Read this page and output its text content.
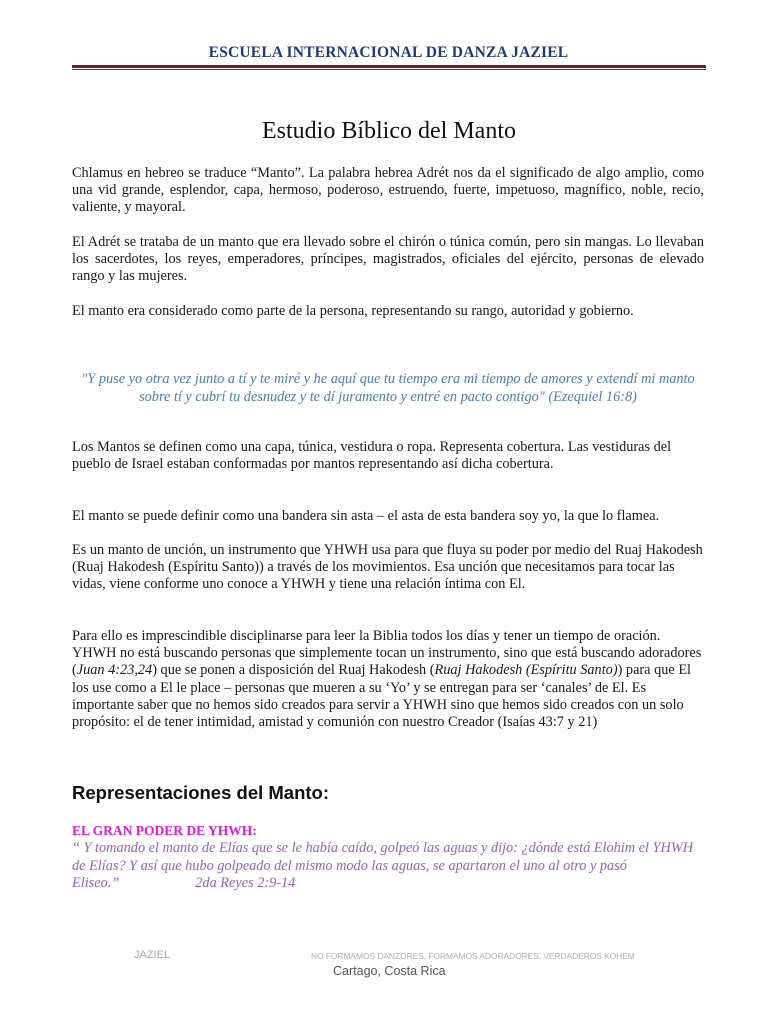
ESCUELA INTERNACIONAL DE DANZA JAZIEL
Estudio Bíblico del Manto

Chlamus en hebreo se traduce “Manto”. La palabra hebrea Adrét nos da el significado de algo amplio, como una vid grande, esplendor, capa, hermoso, poderoso, estruendo, fuerte, impetuoso, magnífico, noble, recio, valiente, y mayoral.

El Adrét se trataba de un manto que era llevado sobre el chirón o túnica común, pero sin mangas. Lo llevaban los sacerdotes, los reyes, emperadores, príncipes, magistrados, oficiales del ejército, personas de elevado rango y las mujeres.

El manto era considerado como parte de la persona, representando su rango, autoridad y gobierno.

"Y puse yo otra vez junto a tí y te miré y he aquí que tu tiempo era mi tiempo de amores y extendí mi manto sobre tí y cubrí tu desnudez y te dí juramento y entré en pacto contigo" (Ezequiel 16:8)

Los Mantos se definen como una capa, túnica, vestidura o ropa. Representa cobertura. Las vestiduras del pueblo de Israel estaban conformadas por mantos representando así dicha cobertura.

El manto se puede definir como una bandera sin asta – el asta de esta bandera soy yo, la que lo flamea.

Es un manto de unción, un instrumento que YHWH usa para que fluya su poder por medio del Ruaj Hakodesh (Ruaj Hakodesh (Espíritu Santo)) a través de los movimientos. Esa unción que necesitamos para tocar las vidas, viene conforme uno conoce a YHWH y tiene una relación íntima con El.

Para ello es imprescindible disciplinarse para leer la Biblia todos los días y tener un tiempo de oración. YHWH no está buscando personas que simplemente tocan un instrumento, sino que está buscando adoradores (Juan 4:23,24) que se ponen a disposición del Ruaj Hakodesh (Ruaj Hakodesh (Espíritu Santo)) para que El los use como a El le place – personas que mueren a su ‘Yo’ y se entregan para ser ‘canales’ de El. Es importante saber que no hemos sido creados para servir a YHWH sino que hemos sido creados con un solo propósito: el de tener intimidad, amistad y comunión con nuestro Creador (Isaías 43:7 y 21)

Representaciones del Manto:
EL GRAN PODER DE YHWH:
“ Y tomando el manto de Elías que se le había caído, golpeó las aguas y dijo: ¿dónde está Elohim el YHWH de Elías? Y así que hubo golpeado del mismo modo las aguas, se apartaron el uno al otro y pasó Eliseo.”	2da Reyes 2:9-14
JAZIEL	NO FORMAMOS DANZORES, FORMAMOS ADORADORES, VERDADEROS KOHEM
Cartago, Costa Rica
